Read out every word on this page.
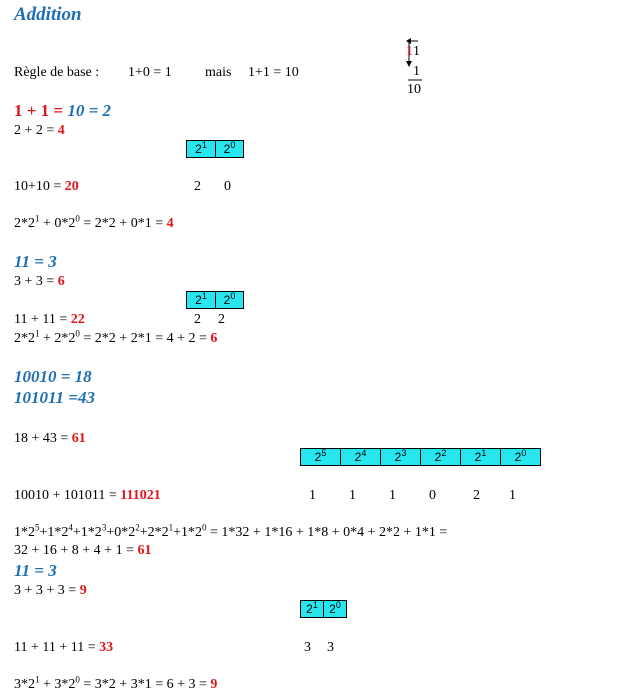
Addition
Règle de base : 1+0 = 1 mais 1+1 = 10
1 1
1
10
1 + 1 = 10 = 2
2 + 2 = 4
$2^1$	$2^0$
10+10 = 20	2 0
$2*2^1 + 0*2^0 = 2*2 + 0*1 = 4$
11 = 3
3 + 3 = 6
$2^1$	$2^0$
11 + 11 = 22	2 2
$2*2^1 + 2*2^0 = 2*2 + 2*1 = 4 + 2 = 6$
10010 = 18
101011 =43
18 + 43 = 61
$2^5$	$2^4$	$2^3$	$2^2$	$2^1$	$2^0$
10010 + 101011 = 111021	1 1 1 0	2 1
$1*2^5+1*2^4+1*2^3+0*2^2+2*2^1+1*2^0 = 1*32 + 1*16 + 1*8 + 0*4 + 2*2 + 1*1$ =
32 + 16 + 8 + 4 + 1 = 61
11 = 3
3 + 3 + 3 = 9
$2^1$	$2^0$
11 + 11 + 11 = 33	3 3
$3*2^1 + 3*2^0 = 3*2 + 3*1 = 6 + 3 = 9$
